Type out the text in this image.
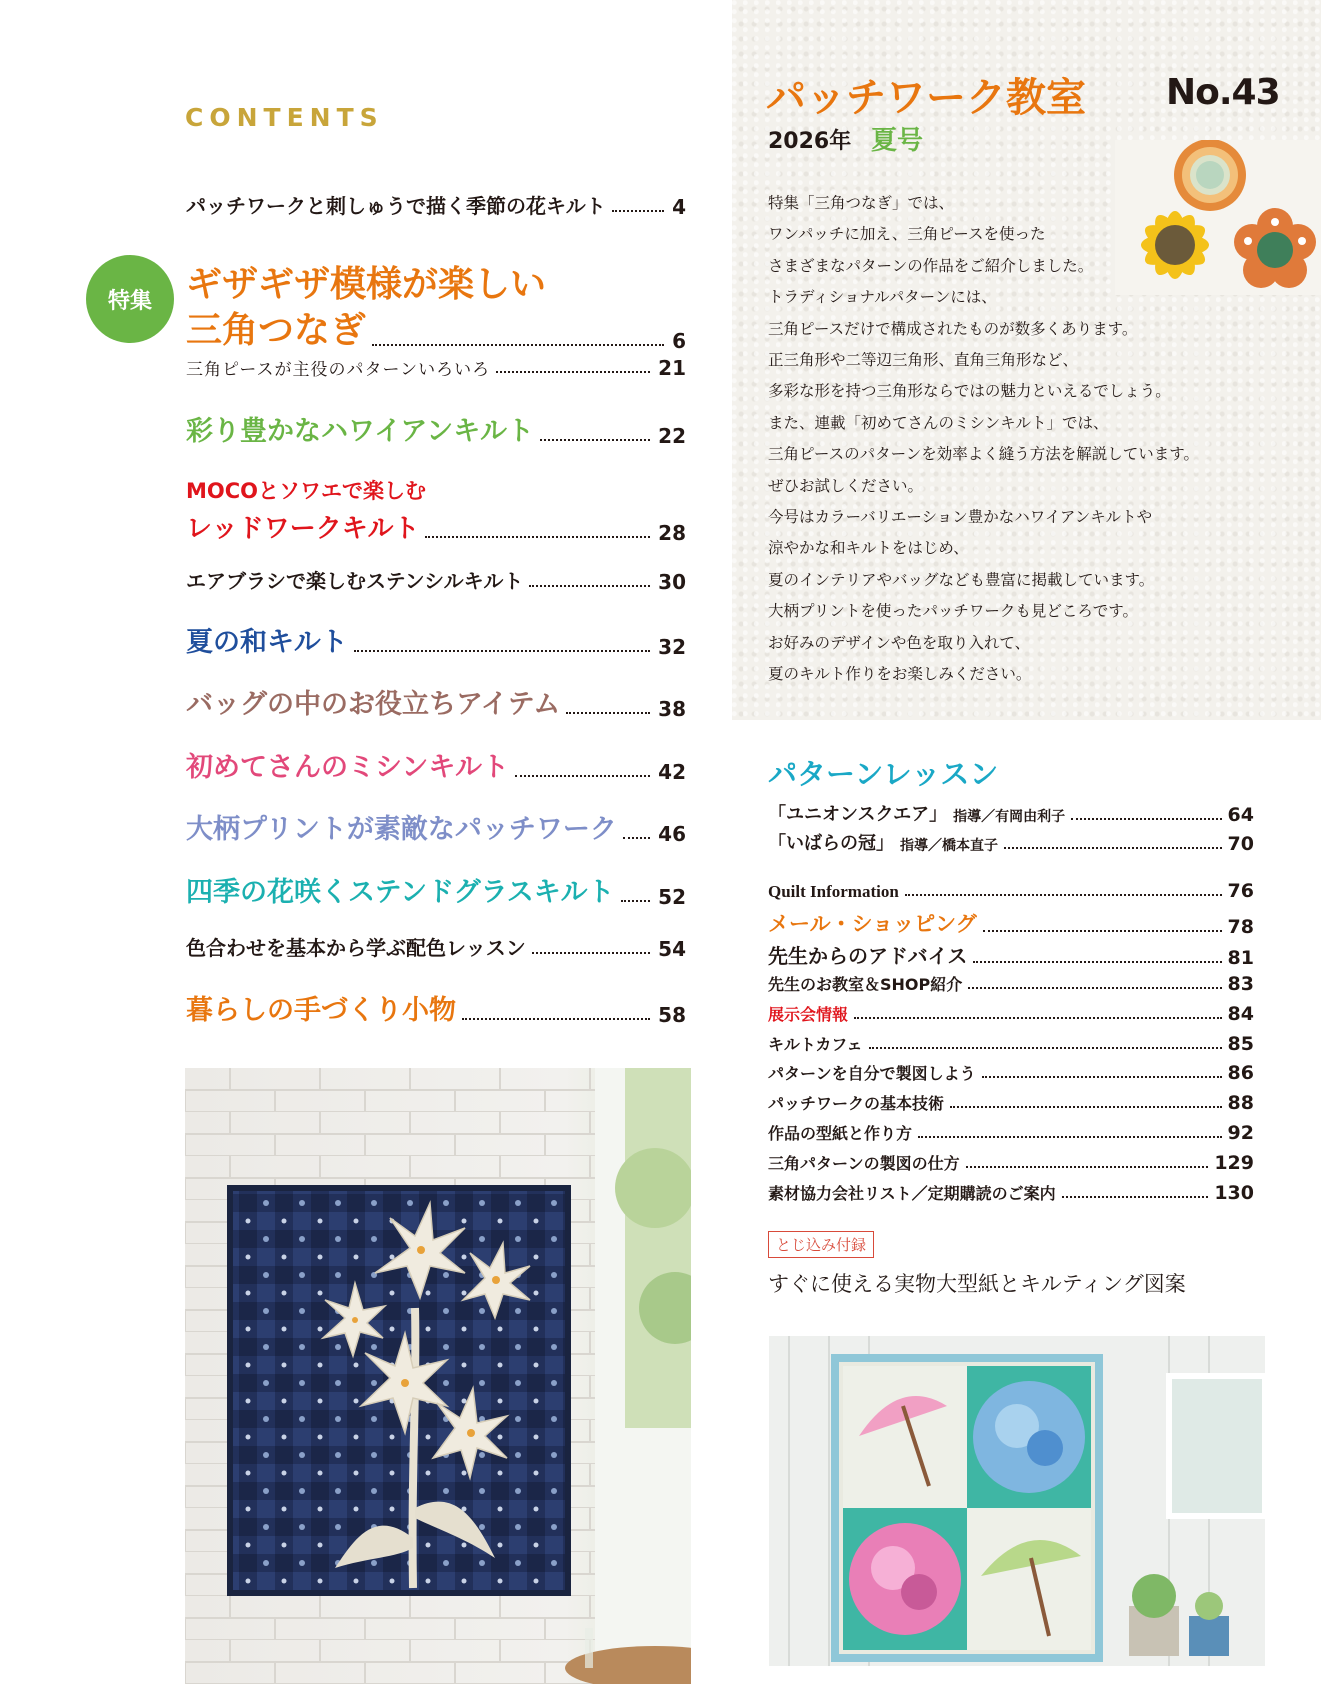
CONTENTS
パッチワークと刺しゅうで描く季節の花キルト	4
特集 ギザギザ模様が楽しい
三角つなぎ	6
三角ピースが主役のパターンいろいろ	21
彩り豊かなハワイアンキルト	22
MOCOとソワエで楽しむ
レッドワークキルト	28
エアブラシで楽しむステンシルキルト	30
夏の和キルト	32
バッグの中のお役立ちアイテム	38
初めてさんのミシンキルト	42
大柄プリントが素敵なパッチワーク 46
四季の花咲くステンドグラスキルト 52
色合わせを基本から学ぶ配色レッスン	54
暮らしの手づくり小物	58
パッチワーク教室 No.43
2026年 夏号
特集「三角つなぎ」では、
ワンパッチに加え、三角ピースを使った
さまざまなパターンの作品をご紹介しました。
トラディショナルパターンには、
三角ピースだけで構成されたものが数多くあります。
正三角形や二等辺三角形、直角三角形など、
多彩な形を持つ三角形ならではの魅力といえるでしょう。
また、連載「初めてさんのミシンキルト」では、
三角ピースのパターンを効率よく縫う方法を解説しています。
ぜひお試しください。
今号はカラーバリエーション豊かなハワイアンキルトや
涼やかな和キルトをはじめ、
夏のインテリアやバッグなども豊富に掲載しています。
大柄プリントを使ったパッチワークも見どころです。
お好みのデザインや色を取り入れて、
夏のキルト作りをお楽しみください。
パターンレッスン
「ユニオンスクエア」 指導／有岡由利子	64
「いばらの冠」 指導／橋本直子	70
Quilt Information	76
メール・ショッピング	78
先生からのアドバイス	81
先生のお教室＆SHOP紹介	83
展示会情報	84
キルトカフェ	85
パターンを自分で製図しよう	86
パッチワークの基本技術	88
作品の型紙と作り方	92
三角パターンの製図の仕方	129
素材協力会社リスト／定期購読のご案内	130
とじ込み付録
すぐに使える実物大型紙とキルティング図案
